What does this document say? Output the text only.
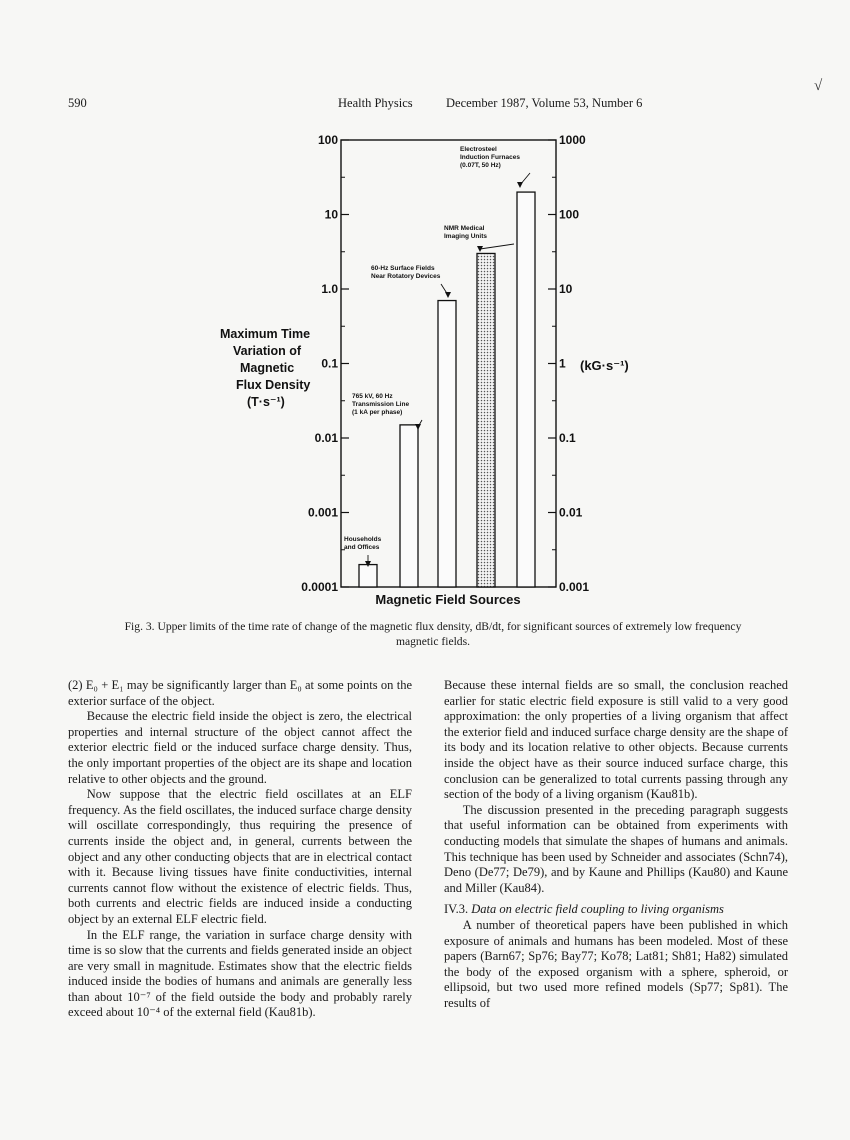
590	Health Physics	December 1987, Volume 53, Number 6
√
100
10
1.0
0.1
0.01
0.001
0.0001
1000
100
10
1
0.1
0.01
0.001
Households
and Offices
765 kV, 60 Hz
Transmission Line
(1 kA per phase)
60-Hz Surface Fields
Near Rotatory Devices
NMR Medical
Imaging Units
Electrosteel
Induction Furnaces
(0.07T, 50 Hz)
Magnetic Field Sources
Maximum Time
Variation of
Magnetic
Flux Density
(T·s⁻¹)
(kG·s⁻¹)
Fig. 3. Upper limits of the time rate of change of the magnetic flux density, dB/dt, for significant sources of extremely low frequency magnetic fields.

(2) E₀ + E₁ may be significantly larger than E₀ at some points on the exterior surface of the object.

Because the electric field inside the object is zero, the electrical properties and internal structure of the object cannot affect the exterior electric field or the induced surface charge density. Thus, the only important properties of the object are its shape and location relative to other objects and the ground.

Now suppose that the electric field oscillates at an ELF frequency. As the field oscillates, the induced surface charge density will oscillate correspondingly, thus requiring the presence of currents inside the object and, in general, currents between the object and any other conducting objects that are in electrical contact with it. Because living tissues have finite conductivities, internal currents cannot flow without the existence of electric fields. Thus, both currents and electric fields are induced inside a conducting object by an external ELF electric field.

In the ELF range, the variation in surface charge density with time is so slow that the currents and fields generated inside an object are very small in magnitude. Estimates show that the electric fields induced inside the bodies of humans and animals are generally less than about 10⁻⁷ of the field outside the body and probably rarely exceed about 10⁻⁴ of the external field (Kau81b).

Because these internal fields are so small, the conclusion reached earlier for static electric field exposure is still valid to a very good approximation: the only properties of a living organism that affect the exterior field and induced surface charge density are the shape of its body and its location relative to other objects. Because currents inside the object have as their source induced surface charge, this conclusion can be generalized to total currents passing through any section of the body of a living organism (Kau81b).

The discussion presented in the preceding paragraph suggests that useful information can be obtained from experiments with conducting models that simulate the shapes of humans and animals. This technique has been used by Schneider and associates (Schn74), Deno (De77; De79), and by Kaune and Phillips (Kau80) and Kaune and Miller (Kau84).

IV.3. Data on electric field coupling to living organisms

A number of theoretical papers have been published in which exposure of animals and humans has been modeled. Most of these papers (Barn67; Sp76; Bay77; Ko78; Lat81; Sh81; Ha82) simulated the body of the exposed organism with a sphere, spheroid, or ellipsoid, but two used more refined models (Sp77; Sp81). The results of
